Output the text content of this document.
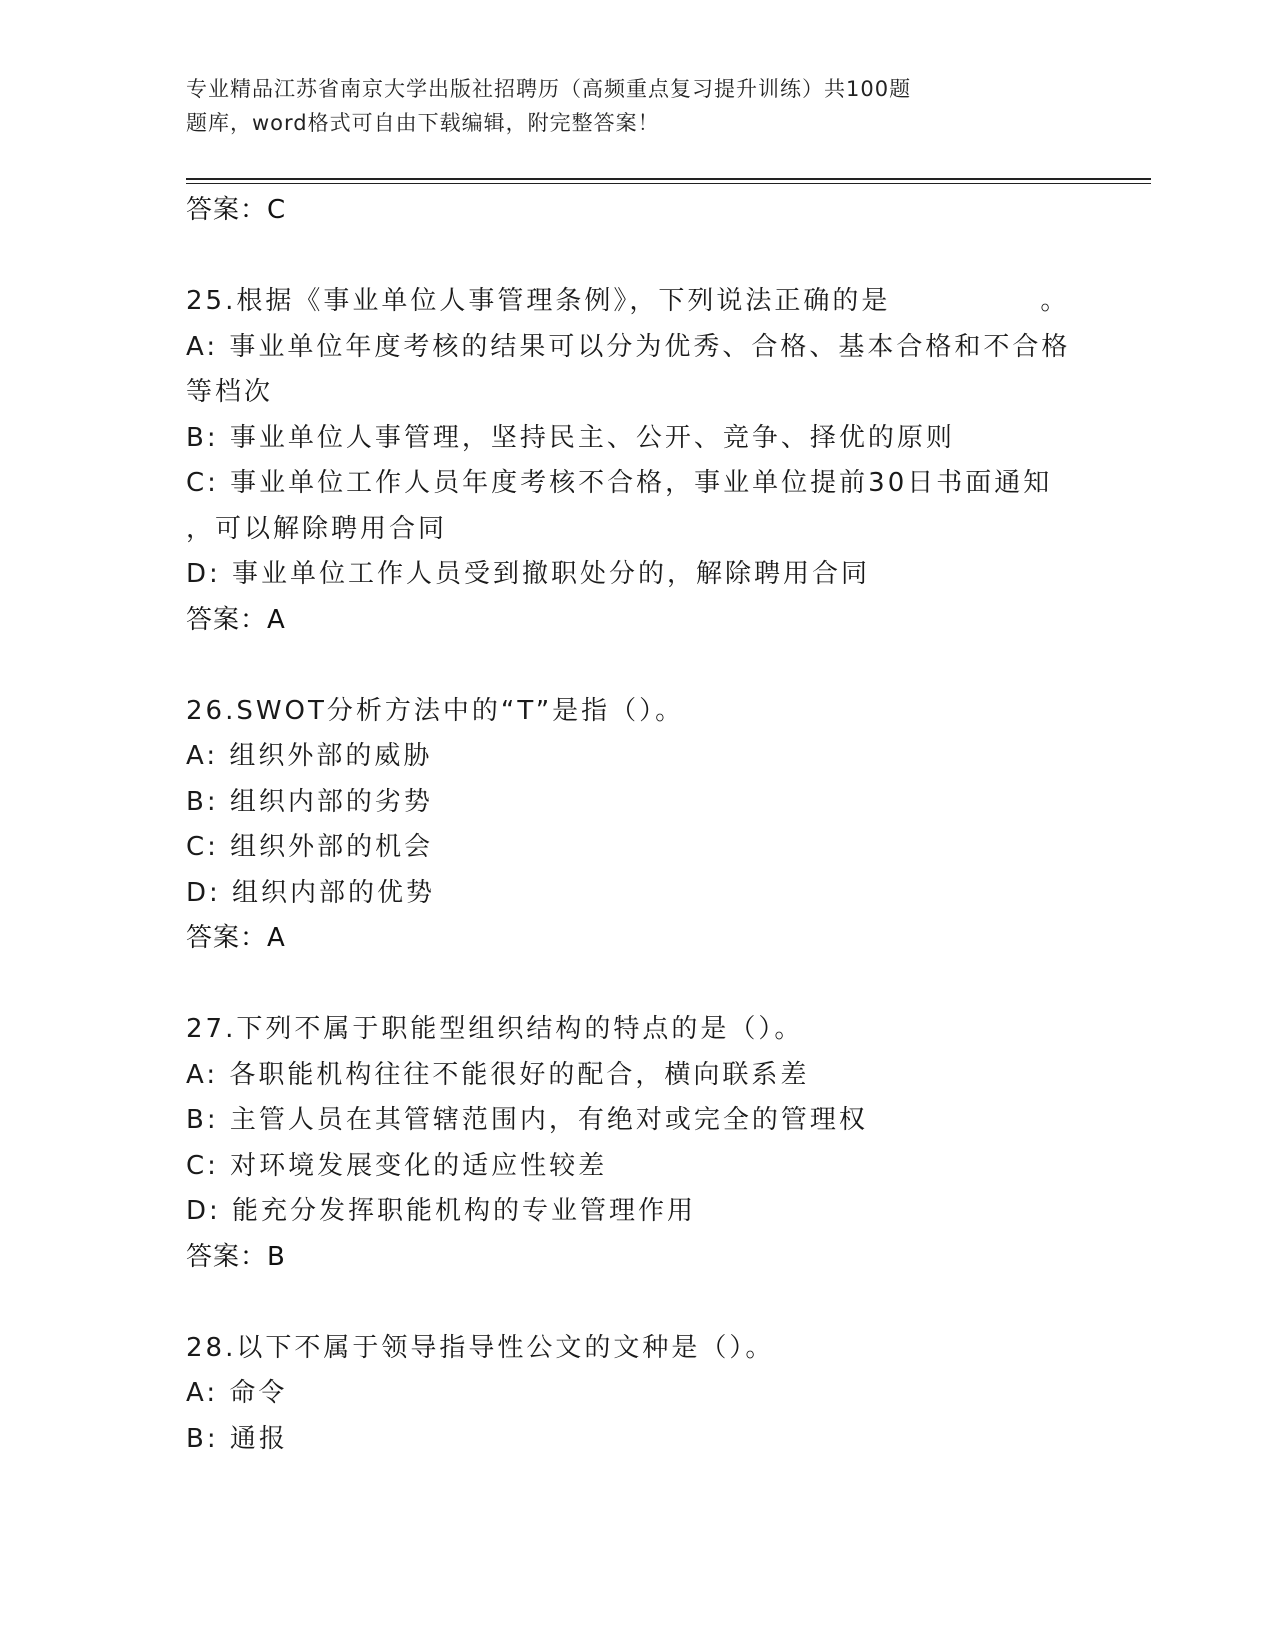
专业精品江苏省南京大学出版社招聘历（高频重点复习提升训练）共100题
题库，word格式可自由下载编辑，附完整答案！
答案：C
25.根据《事业单位人事管理条例》，下列说法正确的是	。
A: 事业单位年度考核的结果可以分为优秀、合格、基本合格和不合格
等档次
B: 事业单位人事管理，坚持民主、公开、竞争、择优的原则
C: 事业单位工作人员年度考核不合格，事业单位提前30日书面通知
，可以解除聘用合同
D: 事业单位工作人员受到撤职处分的，解除聘用合同
答案：A
26.SWOT分析方法中的“T”是指（）。
A: 组织外部的威胁
B: 组织内部的劣势
C: 组织外部的机会
D: 组织内部的优势
答案：A
27.下列不属于职能型组织结构的特点的是（）。
A: 各职能机构往往不能很好的配合，横向联系差
B: 主管人员在其管辖范围内，有绝对或完全的管理权
C: 对环境发展变化的适应性较差
D: 能充分发挥职能机构的专业管理作用
答案：B
28.以下不属于领导指导性公文的文种是（）。
A: 命令
B: 通报
